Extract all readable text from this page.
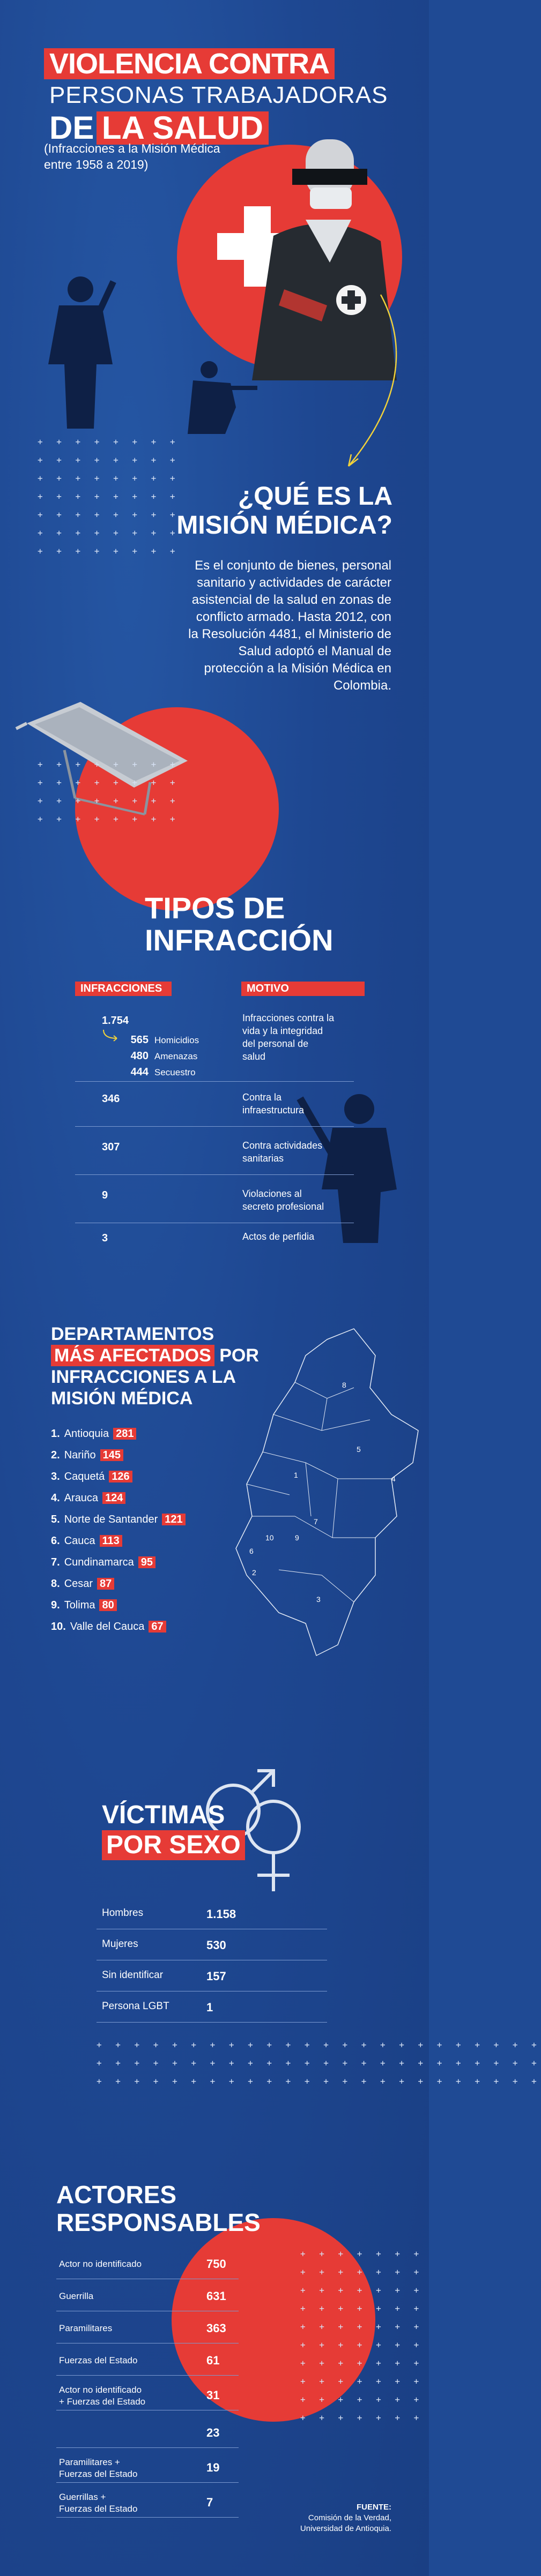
VIOLENCIA CONTRA
PERSONAS TRABAJADORAS
DE LA SALUD
(Infracciones a la Misión Médica
entre 1958 a 2019)
+ + + + + + + +
+ + + + + + + +
+ + + + + + + +
+ + + + + + + +
+ + + + + + + +
+ + + + + + + +
+ + + + + + + +
¿QUÉ ES LA
MISIÓN MÉDICA?
Es el conjunto de bienes, personal
sanitario y actividades de carácter
asistencial de la salud en zonas de
conflicto armado. Hasta 2012, con
la Resolución 4481, el Ministerio de
Salud adoptó el Manual de
protección a la Misión Médica en
Colombia.
+ + + + + + + +
+ + + + + + + +
+ + + + + + + +
+ + + + + + + +
TIPOS DE
INFRACCIÓN
INFRACCIONES	MOTIVO
1.754	Infracciones contra la
vida y la integridad
del personal de
salud
565 Homicidios
480 Amenazas
444 Secuestro
346	Contra la
infraestructura
307	Contra actividades
sanitarias
9	Violaciones al
secreto profesional
3	Actos de perfidia
DEPARTAMENTOS
MÁS AFECTADOS POR
INFRACCIONES A LA
MISIÓN MÉDICA
1
2
3
4
5
6
7
8
9
10
1. Antioquia 281
2. Nariño 145
3. Caquetá 126
4. Arauca 124
5. Norte de Santander 121
6. Cauca 113
7. Cundinamarca 95
8. Cesar 87
9. Tolima 80
10. Valle del Cauca 67
VÍCTIMAS
POR SEXO
Hombres	1.158
Mujeres	530
Sin identificar	157
Persona LGBT	1
+ + + + + + + + + + + + + + + + + + + + + + + +
+ + + + + + + + + + + + + + + + + + + + + + + +
+ + + + + + + + + + + + + + + + + + + + + + + +
ACTORES
RESPONSABLES
+ + + + + + +
+ + + + + + +
+ + + + + + +
+ + + + + + +
+ + + + + + +
+ + + + + + +
+ + + + + + +
+ + + + + + +
+ + + + + + +
+ + + + + + +
FUENTE:
Comisión de la Verdad,
Universidad de Antioquia.
Actor no identificado	750
Guerrilla	631
Paramilitares	363
Fuerzas del Estado	61
Actor no identificado
+ Fuerzas del Estado	31
23
Paramilitares +
Fuerzas del Estado	19
Guerrillas +
Fuerzas del Estado	7
